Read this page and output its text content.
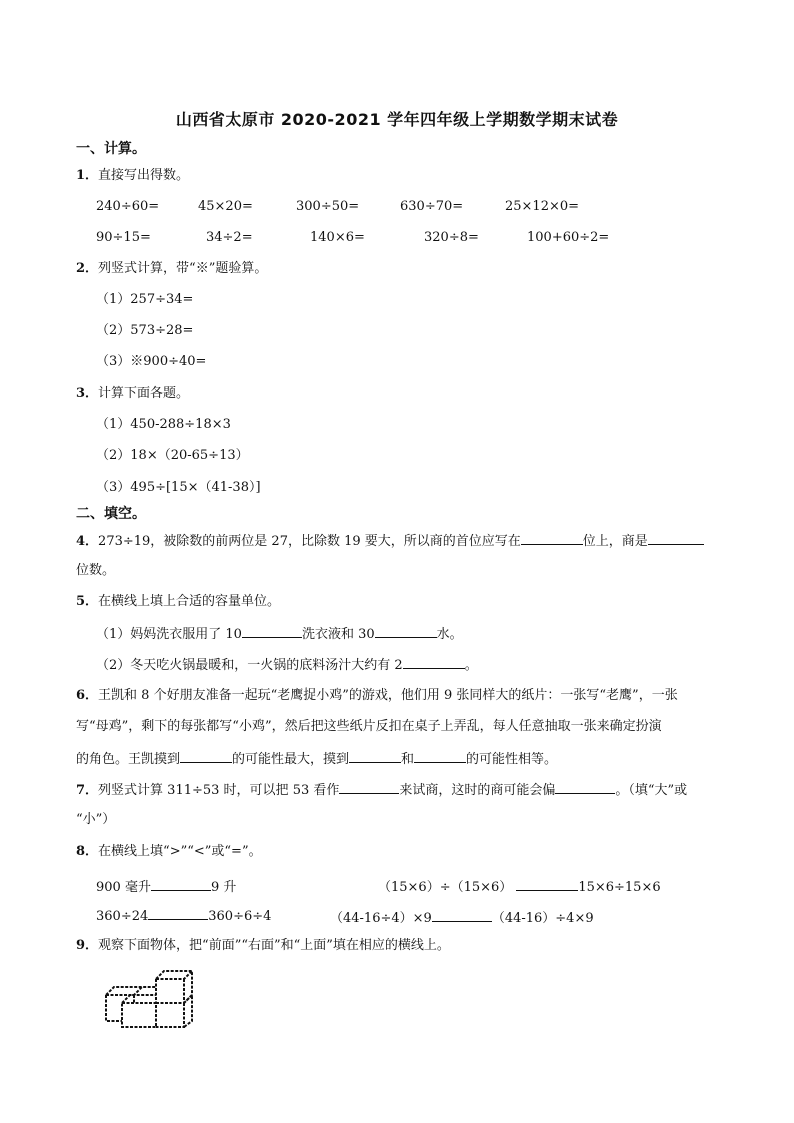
山西省太原市 2020-2021 学年四年级上学期数学期末试卷
一、计算。
1．直接写出得数。
240÷60=	45×20=	300÷50=	630÷70=	25×12×0=
90÷15=	34÷2=	140×6=	320÷8=	100+60÷2=
2．列竖式计算，带“※”题验算。
（1）257÷34=
（2）573÷28=
（3）※900÷40=
3．计算下面各题。
（1）450-288÷18×3
（2）18×（20-65÷13）
（3）495÷[15×（41-38）]
二、填空。
4．273÷19，被除数的前两位是 27，比除数 19 要大，所以商的首位应写在	位上，商是
位数。
5．在横线上填上合适的容量单位。
（1）妈妈洗衣服用了 10	洗衣液和 30	水。
（2）冬天吃火锅最暖和，一火锅的底料汤汁大约有 2	。
6．王凯和 8 个好朋友准备一起玩“老鹰捉小鸡”的游戏，他们用 9 张同样大的纸片：一张写“老鹰”，一张
写“母鸡”，剩下的每张都写“小鸡”，然后把这些纸片反扣在桌子上弄乱，每人任意抽取一张来确定扮演
的角色。王凯摸到	的可能性最大，摸到	和	的可能性相等。
7．列竖式计算 311÷53 时，可以把 53 看作	来试商，这时的商可能会偏	。（填“大”或
“小”）
8．在横线上填“>”“<”或“=”。
900 毫升	9 升	（15×6）÷（15×6）	15×6÷15×6
360÷24	360÷6÷4	（44-16÷4）×9	（44-16）÷4×9
9．观察下面物体，把“前面”“右面”和“上面”填在相应的横线上。
